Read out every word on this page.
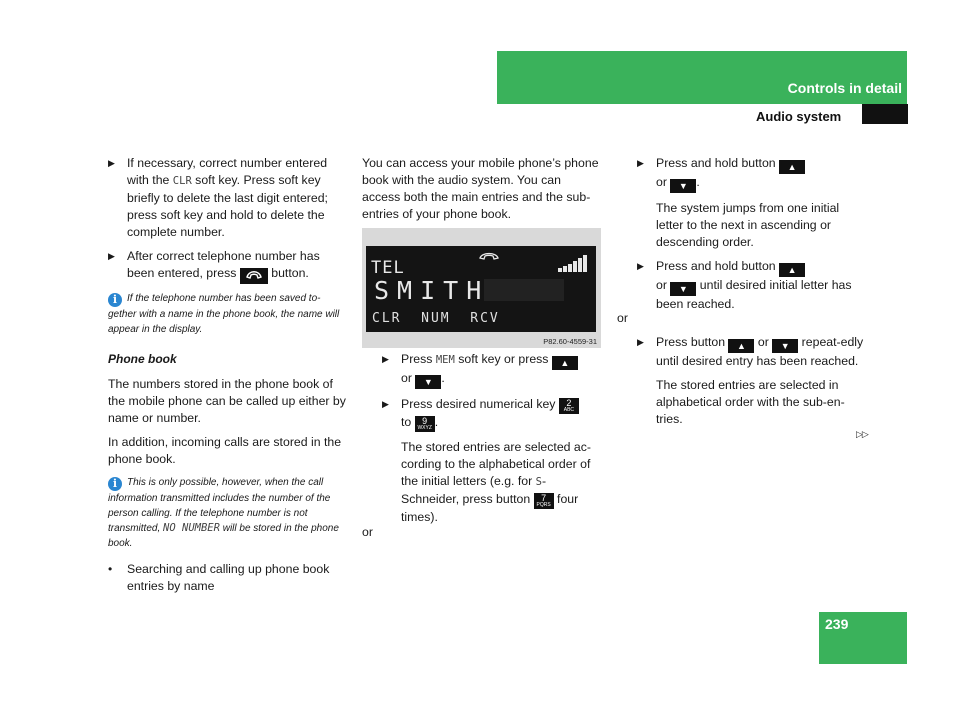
Controls in detail
Audio system
▶ If necessary, correct number entered with the CLR soft key. Press soft key briefly to delete the last digit entered; press soft key and hold to delete the complete number.
▶ After correct telephone number has been entered, press  button.
i If the telephone number has been saved to-gether with a name in the phone book, the name will appear in the display.
Phone book
The numbers stored in the phone book of the mobile phone can be called up either by name or number.
In addition, incoming calls are stored in the phone book.
i This is only possible, however, when the call information transmitted includes the number of the person calling. If the telephone number is not transmitted, NO NUMBER will be stored in the phone book.
• Searching and calling up phone book entries by name
You can access your mobile phone’s phone book with the audio system. You can access both the main entries and the sub-entries of your phone book.
TEL
SMITH
CLR  NUM  RCV
P82.60-4559-31
▶ Press MEM soft key or press ▲
or ▼ .
▶ Press desired numerical key 2
ABC

to 9
WXYZ .
The stored entries are selected ac-cording to the alphabetical order of the initial letters (e.g. for S-Schneider, press button 7
PQRS four times).
or
▶ Press and hold button ▲
or ▼ .
The system jumps from one initial letter to the next in ascending or descending order.
▶ Press and hold button ▲
or ▼ until desired initial letter has been reached.
or
▶ Press button ▲ or ▼ repeat-edly until desired entry has been reached.
The stored entries are selected in alphabetical order with the sub-en-tries.
▷▷
239
